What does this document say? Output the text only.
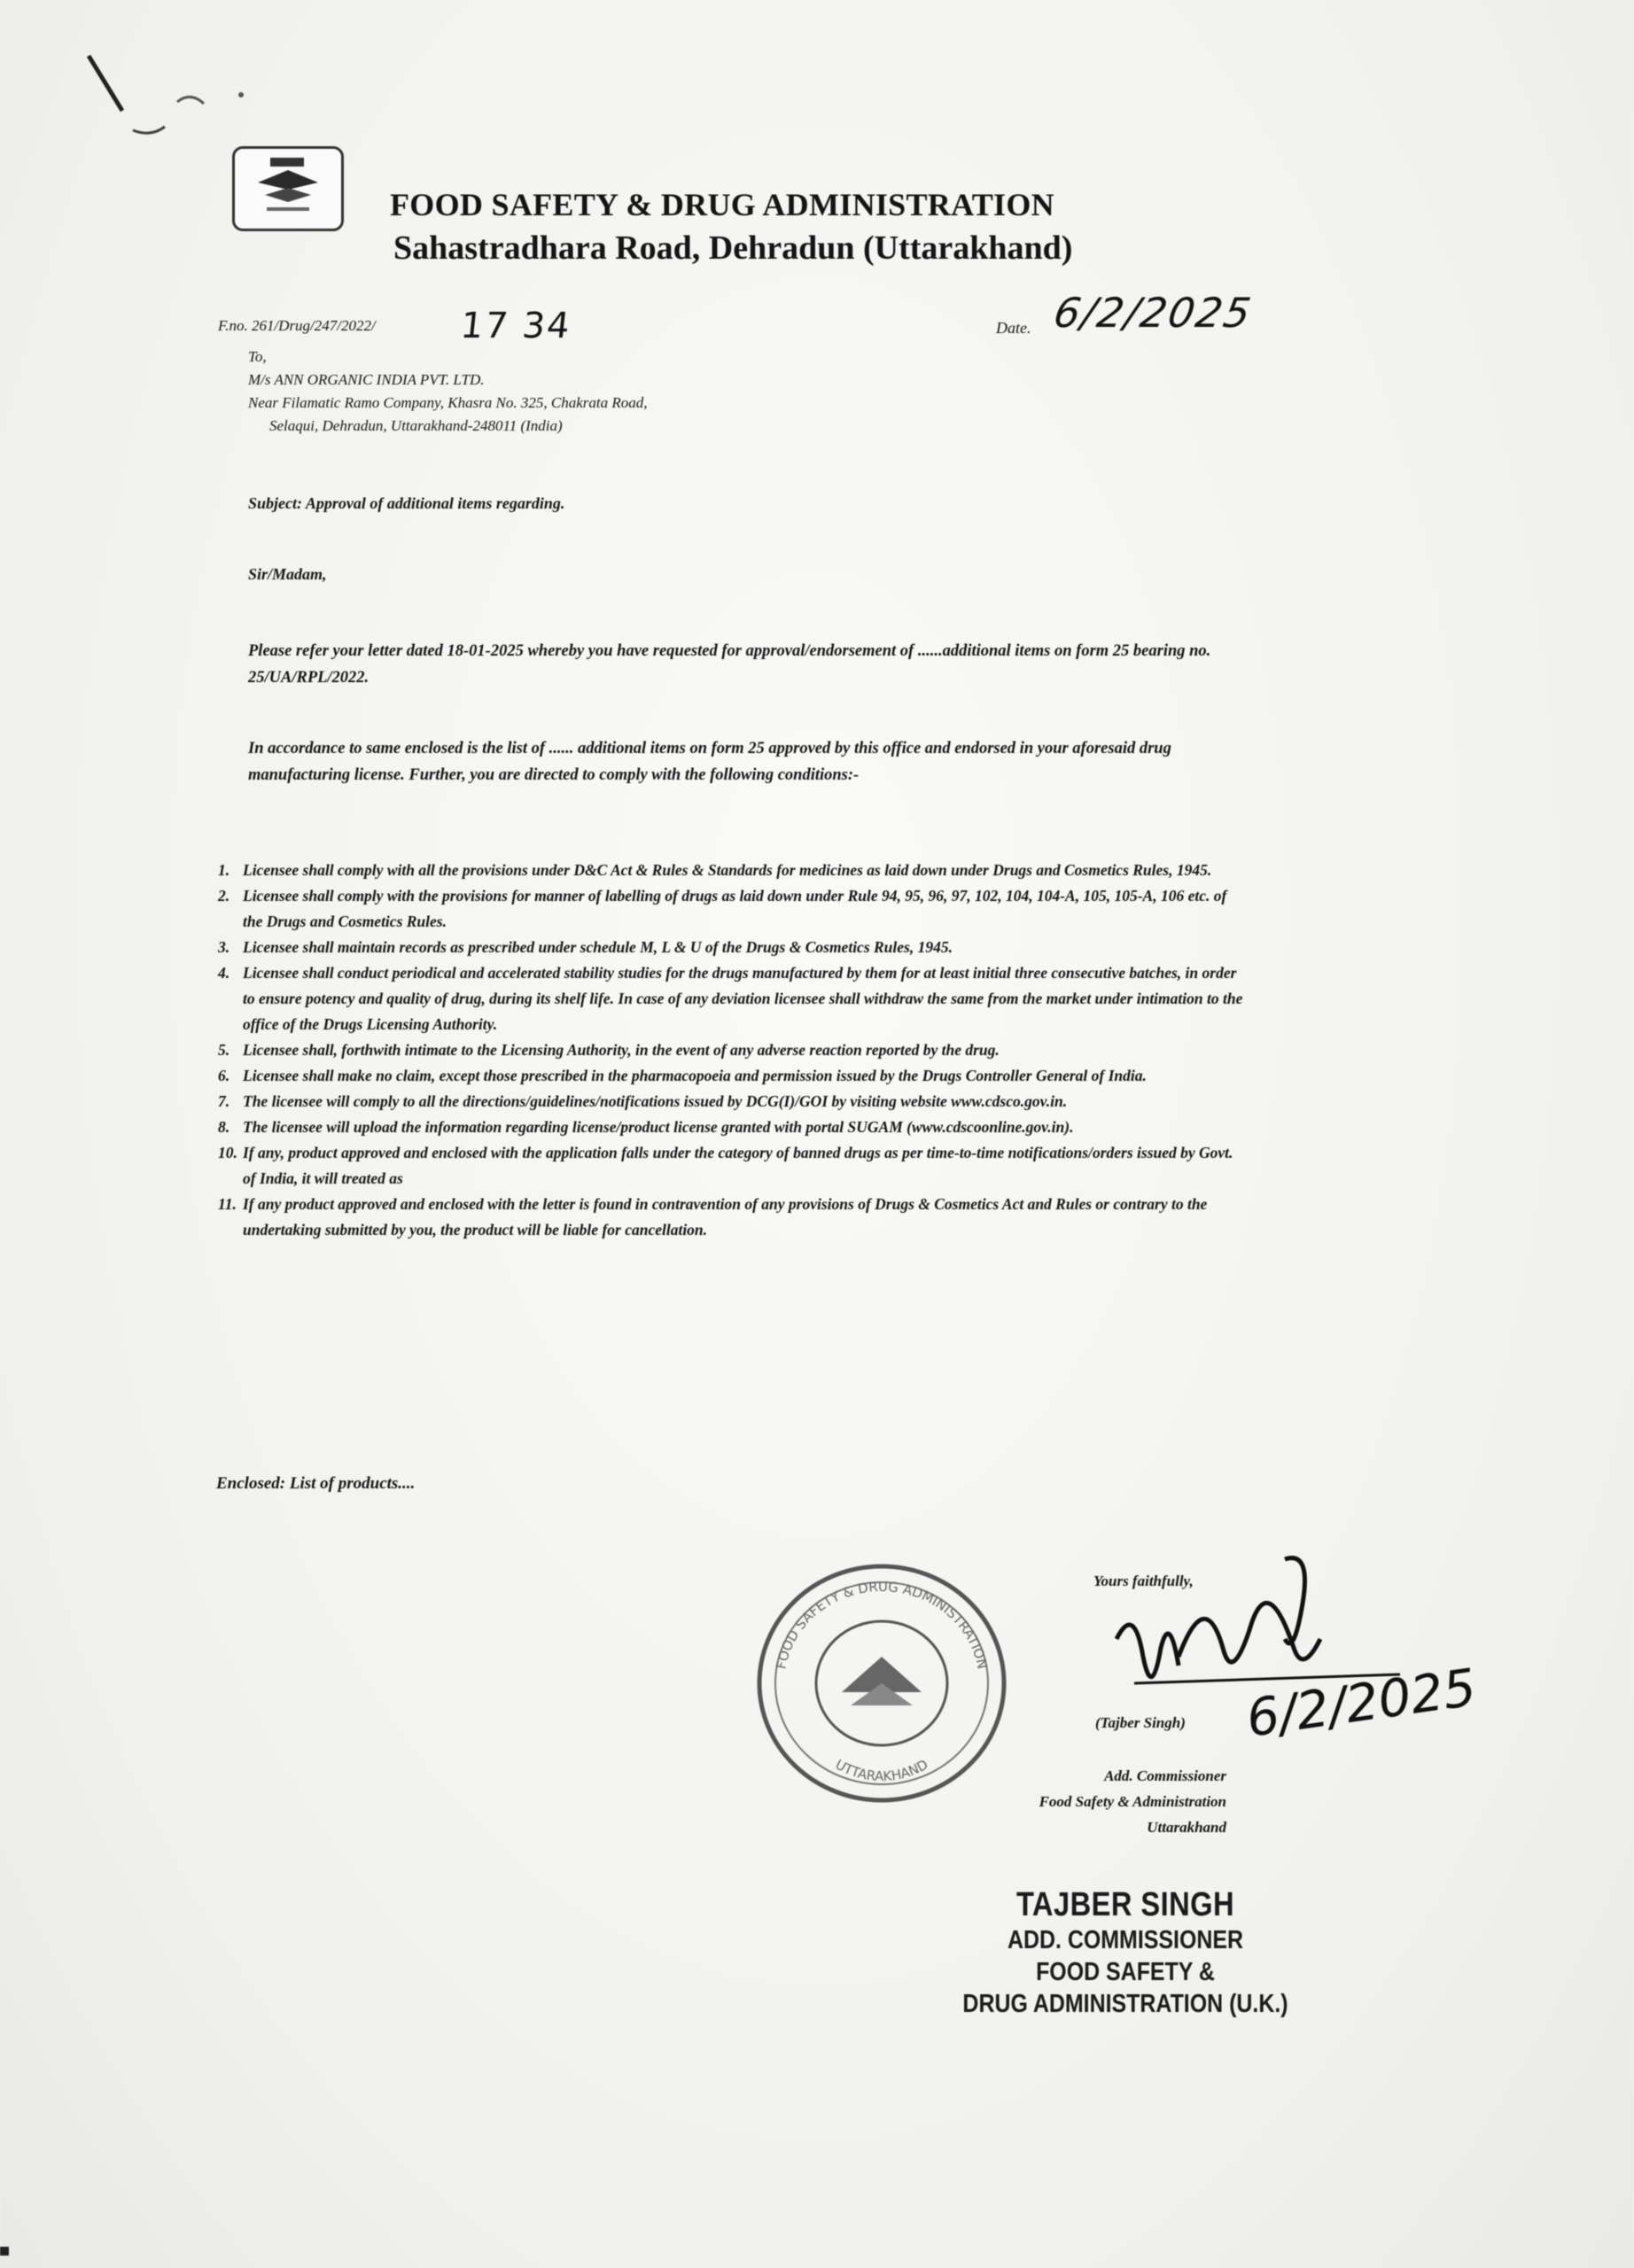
FOOD SAFETY & DRUG ADMINISTRATION
Sahastradhara Road, Dehradun (Uttarakhand)
F.no. 261/Drug/247/2022/ 17 34	Date. 6/2/2025
To,
M/s ANN ORGANIC INDIA PVT. LTD.
Near Filamatic Ramo Company, Khasra No. 325, Chakrata Road,
Selaqui, Dehradun, Uttarakhand-248011 (India)
Subject: Approval of additional items regarding.
Sir/Madam,
Please refer your letter dated 18-01-2025 whereby you have requested for approval/endorsement of ......additional items on form 25 bearing no. 25/UA/RPL/2022.
In accordance to same enclosed is the list of ...... additional items on form 25 approved by this office and endorsed in your aforesaid drug manufacturing license. Further, you are directed to comply with the following conditions:-
1. Licensee shall comply with all the provisions under D&C Act & Rules & Standards for medicines as laid down under Drugs and Cosmetics Rules, 1945.
2. Licensee shall comply with the provisions for manner of labelling of drugs as laid down under Rule 94, 95, 96, 97, 102, 104, 104-A, 105, 105-A, 106 etc. of the Drugs and Cosmetics Rules.
3. Licensee shall maintain records as prescribed under schedule M, L & U of the Drugs & Cosmetics Rules, 1945.
4. Licensee shall conduct periodical and accelerated stability studies for the drugs manufactured by them for at least initial three consecutive batches, in order to ensure potency and quality of drug, during its shelf life. In case of any deviation licensee shall withdraw the same from the market under intimation to the office of the Drugs Licensing Authority.
5. Licensee shall, forthwith intimate to the Licensing Authority, in the event of any adverse reaction reported by the drug.
6. Licensee shall make no claim, except those prescribed in the pharmacopoeia and permission issued by the Drugs Controller General of India.
7. The licensee will comply to all the directions/guidelines/notifications issued by DCG(I)/GOI by visiting website www.cdsco.gov.in.
8. The licensee will upload the information regarding license/product license granted with portal SUGAM (www.cdscoonline.gov.in).
10. If any, product approved and enclosed with the application falls under the category of banned drugs as per time-to-time notifications/orders issued by Govt. of India, it will treated as
11. If any product approved and enclosed with the letter is found in contravention of any provisions of Drugs & Cosmetics Act and Rules or contrary to the undertaking submitted by you, the product will be liable for cancellation.
Enclosed: List of products....
FOOD SAFETY & DRUG ADMINISTRATION
UTTARAKHAND
Yours faithfully,
6/2/2025
(Tajber Singh)
Add. Commissioner
Food Safety & Administration
Uttarakhand
TAJBER SINGH
ADD. COMMISSIONER
FOOD SAFETY &
DRUG ADMINISTRATION (U.K.)
